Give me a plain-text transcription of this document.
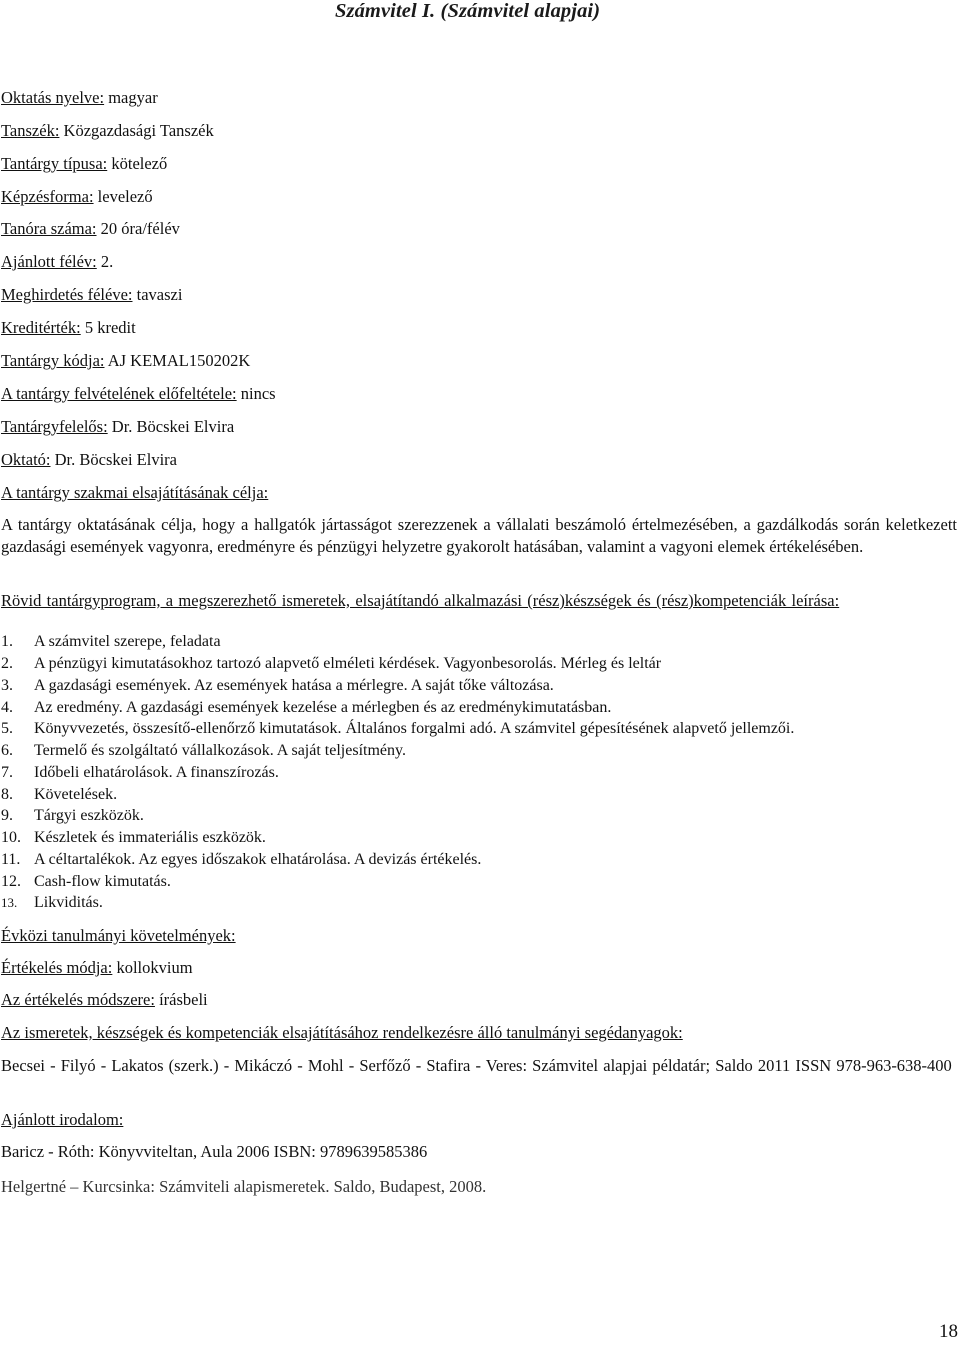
Számvitel I. (Számvitel alapjai)
Oktatás nyelve: magyar
Tanszék: Közgazdasági Tanszék
Tantárgy típusa: kötelező
Képzésforma: levelező
Tanóra száma: 20 óra/félév
Ajánlott félév: 2.
Meghirdetés féléve: tavaszi
Kreditérték: 5 kredit
Tantárgy kódja: AJ KEMAL150202K
A tantárgy felvételének előfeltétele: nincs
Tantárgyfelelős: Dr. Böcskei Elvira
Oktató: Dr. Böcskei Elvira
A tantárgy szakmai elsajátításának célja:
A tantárgy oktatásának célja, hogy a hallgatók jártasságot szerezzenek a vállalati beszámoló értelmezésében, a gazdálkodás során keletkezett gazdasági események vagyonra, eredményre és pénzügyi helyzetre gyakorolt hatásában, valamint a vagyoni elemek értékelésében.
Rövid tantárgyprogram, a megszerezhető ismeretek, elsajátítandó alkalmazási (rész)készségek és (rész)kompetenciák leírása:
1. A számvitel szerepe, feladata
2. A pénzügyi kimutatásokhoz tartozó alapvető elméleti kérdések. Vagyonbesorolás. Mérleg és leltár
3. A gazdasági események. Az események hatása a mérlegre. A saját tőke változása.
4. Az eredmény. A gazdasági események kezelése a mérlegben és az eredménykimutatásban.
5. Könyvvezetés, összesítő-ellenőrző kimutatások. Általános forgalmi adó. A számvitel gépesítésének alapvető jellemzői.
6. Termelő és szolgáltató vállalkozások. A saját teljesítmény.
7. Időbeli elhatárolások. A finanszírozás.
8. Követelések.
9. Tárgyi eszközök.
10. Készletek és immateriális eszközök.
11. A céltartalékok. Az egyes időszakok elhatárolása. A devizás értékelés.
12. Cash-flow kimutatás.
13. Likviditás.
Évközi tanulmányi követelmények:
Értékelés módja: kollokvium
Az értékelés módszere: írásbeli
Az ismeretek, készségek és kompetenciák elsajátításához rendelkezésre álló tanulmányi segédanyagok:
Becsei - Filyó - Lakatos (szerk.) - Mikáczó - Mohl - Serfőző - Stafira - Veres: Számvitel alapjai példatár; Saldo 2011 ISSN 978-963-638-400
Ajánlott irodalom:
Baricz - Róth: Könyvviteltan, Aula 2006 ISBN: 9789639585386
Helgertné – Kurcsinka: Számviteli alapismeretek. Saldo, Budapest, 2008.
18
